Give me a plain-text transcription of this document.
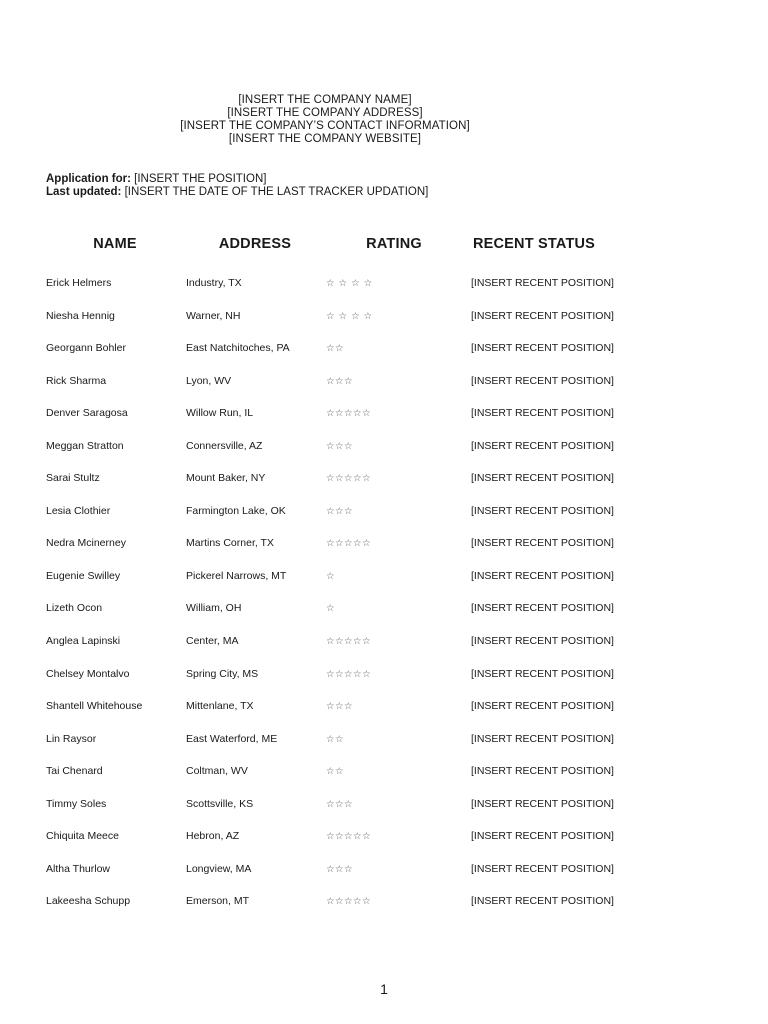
[INSERT THE COMPANY NAME]
[INSERT THE COMPANY ADDRESS]
[INSERT THE COMPANY’S CONTACT INFORMATION]
[INSERT THE COMPANY WEBSITE]
Application for: [INSERT THE POSITION]
Last updated: [INSERT THE DATE OF THE LAST TRACKER UPDATION]
NAME	ADDRESS	RATING	RECENT STATUS
Erick Helmers	Industry, TX	☆ ☆ ☆ ☆	[INSERT RECENT POSITION]
Niesha Hennig	Warner, NH	☆ ☆ ☆ ☆	[INSERT RECENT POSITION]
Georgann Bohler	East Natchitoches, PA	☆☆	[INSERT RECENT POSITION]
Rick Sharma	Lyon, WV	☆☆☆	[INSERT RECENT POSITION]
Denver Saragosa	Willow Run, IL	☆☆☆☆☆	[INSERT RECENT POSITION]
Meggan Stratton	Connersville, AZ	☆☆☆	[INSERT RECENT POSITION]
Sarai Stultz	Mount Baker, NY	☆☆☆☆☆	[INSERT RECENT POSITION]
Lesia Clothier	Farmington Lake, OK	☆☆☆	[INSERT RECENT POSITION]
Nedra Mcinerney	Martins Corner, TX	☆☆☆☆☆	[INSERT RECENT POSITION]
Eugenie Swilley	Pickerel Narrows, MT	☆	[INSERT RECENT POSITION]
Lizeth Ocon	William, OH	☆	[INSERT RECENT POSITION]
Anglea Lapinski	Center, MA	☆☆☆☆☆	[INSERT RECENT POSITION]
Chelsey Montalvo	Spring City, MS	☆☆☆☆☆	[INSERT RECENT POSITION]
Shantell Whitehouse	Mittenlane, TX	☆☆☆	[INSERT RECENT POSITION]
Lin Raysor	East Waterford, ME	☆☆	[INSERT RECENT POSITION]
Tai Chenard	Coltman, WV	☆☆	[INSERT RECENT POSITION]
Timmy Soles	Scottsville, KS	☆☆☆	[INSERT RECENT POSITION]
Chiquita Meece	Hebron, AZ	☆☆☆☆☆	[INSERT RECENT POSITION]
Altha Thurlow	Longview, MA	☆☆☆	[INSERT RECENT POSITION]
Lakeesha Schupp	Emerson, MT	☆☆☆☆☆	[INSERT RECENT POSITION]
1
